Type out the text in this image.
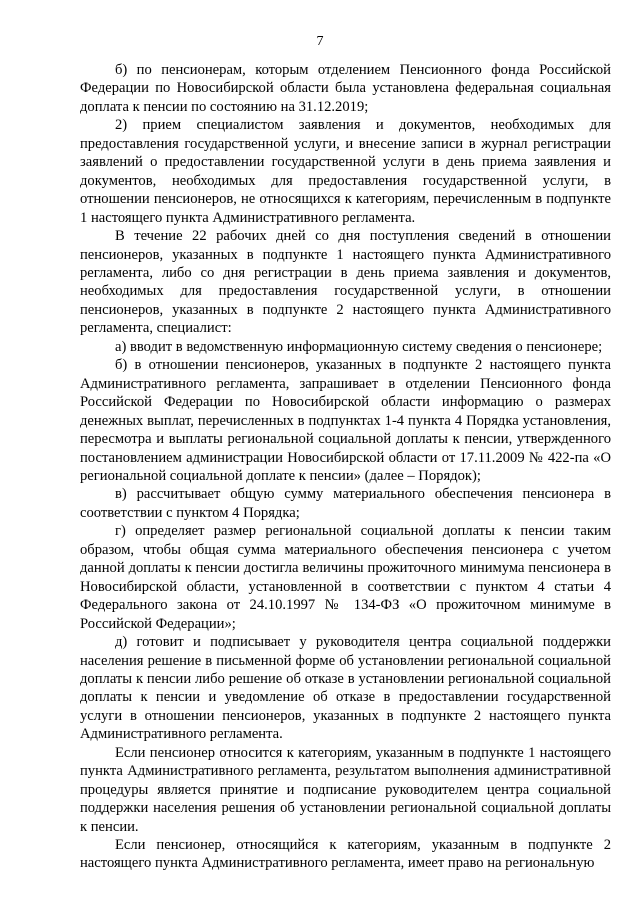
7

б) по пенсионерам, которым отделением Пенсионного фонда Российской Федерации по Новосибирской области была установлена федеральная социальная доплата к пенсии по состоянию на 31.12.2019;

2) прием специалистом заявления и документов, необходимых для предоставления государственной услуги, и внесение записи в журнал регистрации заявлений о предоставлении государственной услуги в день приема заявления и документов, необходимых для предоставления государственной услуги, в отношении пенсионеров, не относящихся к категориям, перечисленным в подпункте 1 настоящего пункта Административного регламента.

В течение 22 рабочих дней со дня поступления сведений в отношении пенсионеров, указанных в подпункте 1 настоящего пункта Административного регламента, либо со дня регистрации в день приема заявления и документов, необходимых для предоставления государственной услуги, в отношении пенсионеров, указанных в подпункте 2 настоящего пункта Административного регламента, специалист:

а) вводит в ведомственную информационную систему сведения о пенсионере;

б) в отношении пенсионеров, указанных в подпункте 2 настоящего пункта Административного регламента, запрашивает в отделении Пенсионного фонда Российской Федерации по Новосибирской области информацию о размерах денежных выплат, перечисленных в подпунктах 1-4 пункта 4 Порядка установления, пересмотра и выплаты региональной социальной доплаты к пенсии, утвержденного постановлением администрации Новосибирской области от 17.11.2009 № 422-па «О региональной социальной доплате к пенсии» (далее – Порядок);

в) рассчитывает общую сумму материального обеспечения пенсионера в соответствии с пунктом 4 Порядка;

г) определяет размер региональной социальной доплаты к пенсии таким образом, чтобы общая сумма материального обеспечения пенсионера с учетом данной доплаты к пенсии достигла величины прожиточного минимума пенсионера в Новосибирской области, установленной в соответствии с пунктом 4 статьи 4 Федерального закона от 24.10.1997 № 134-ФЗ «О прожиточном минимуме в Российской Федерации»;

д) готовит и подписывает у руководителя центра социальной поддержки населения решение в письменной форме об установлении региональной социальной доплаты к пенсии либо решение об отказе в установлении региональной социальной доплаты к пенсии и уведомление об отказе в предоставлении государственной услуги в отношении пенсионеров, указанных в подпункте 2 настоящего пункта Административного регламента.

Если пенсионер относится к категориям, указанным в подпункте 1 настоящего пункта Административного регламента, результатом выполнения административной процедуры является принятие и подписание руководителем центра социальной поддержки населения решения об установлении региональной социальной доплаты к пенсии.

Если пенсионер, относящийся к категориям, указанным в подпункте 2 настоящего пункта Административного регламента, имеет право на региональную
